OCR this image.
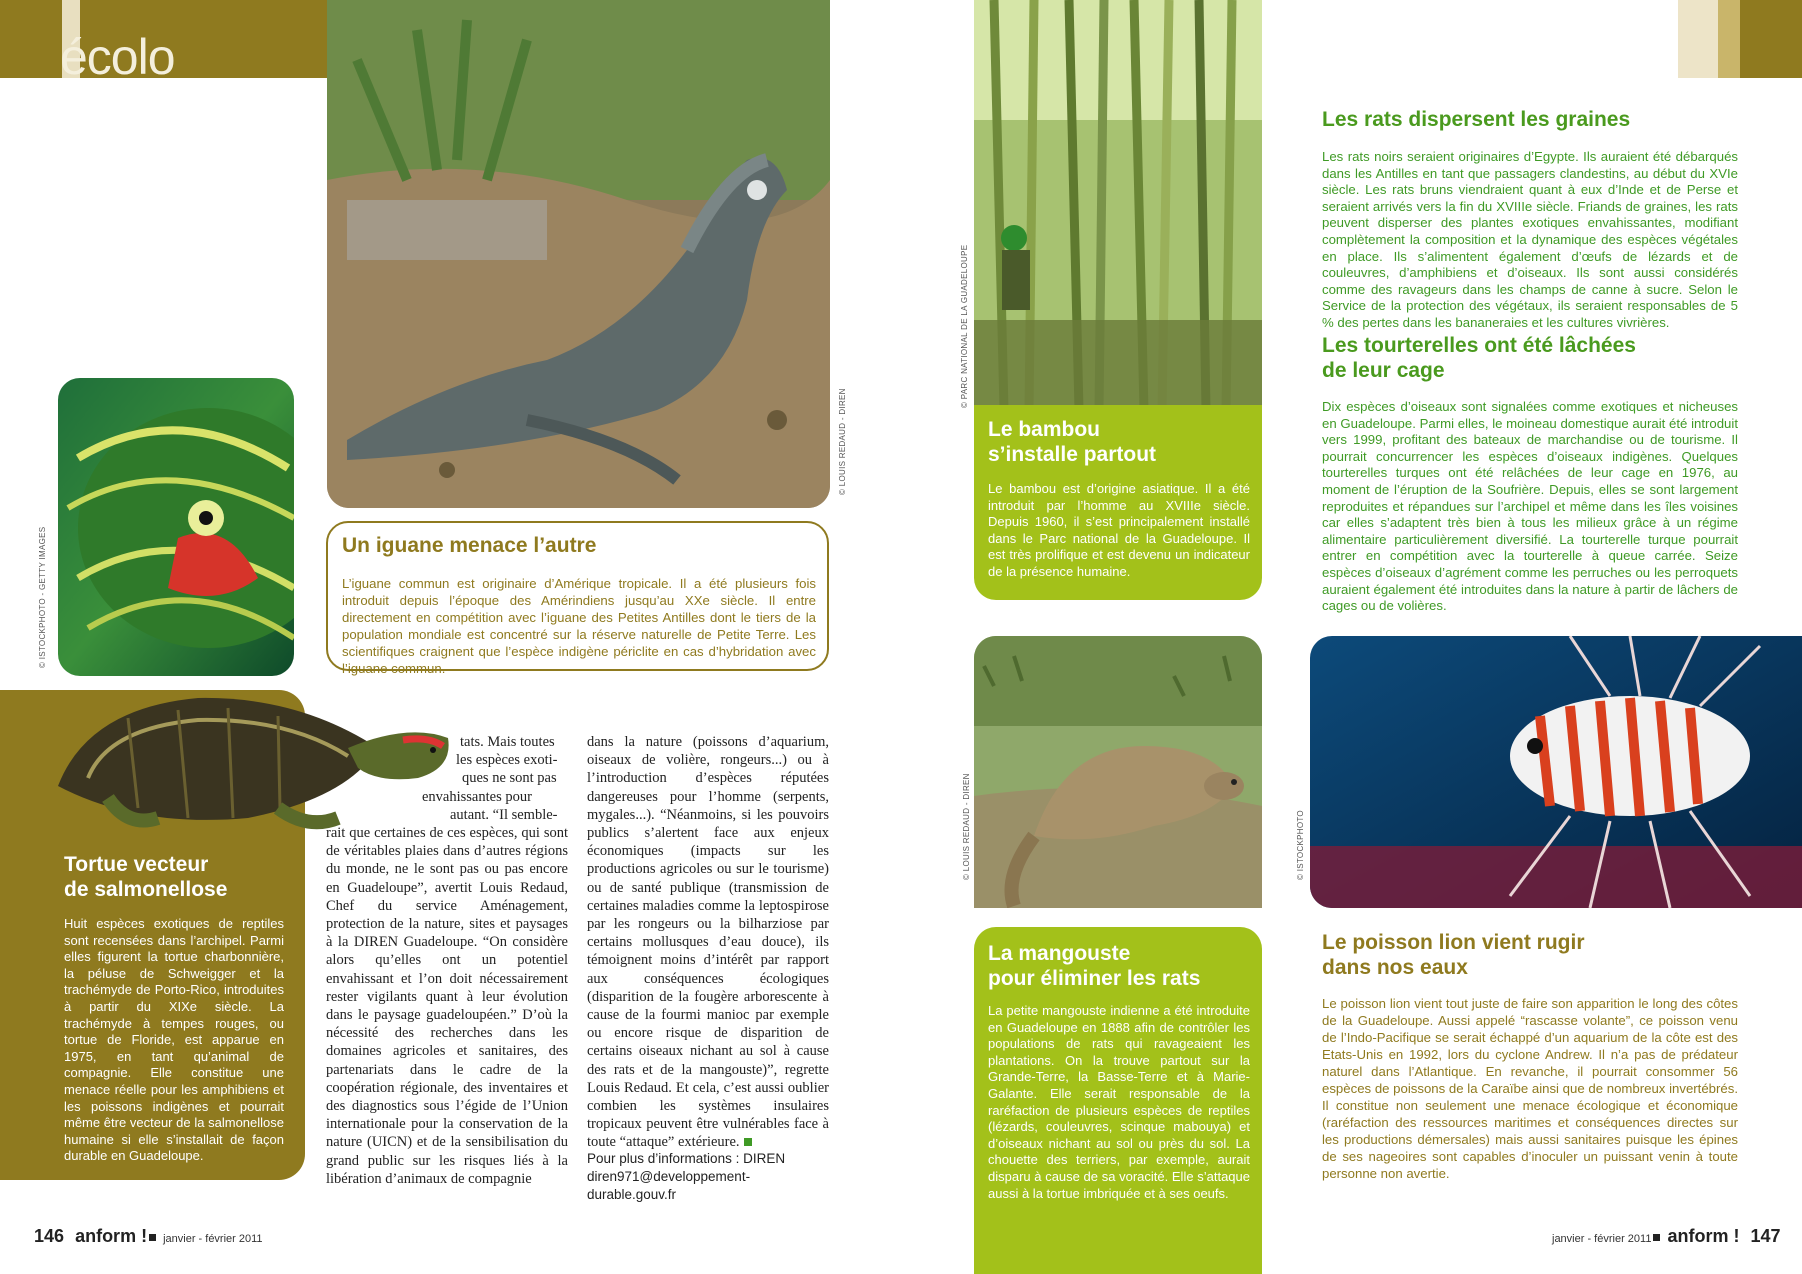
écolo
© ISTOCKPHOTO - GETTY IMAGES
© LOUIS REDAUD - DIREN
Un iguane menace l’autre
L’iguane commun est originaire d’Amérique tropicale. Il a été plusieurs fois introduit depuis l’époque des Amérindiens jusqu’au XXe siècle. Il entre directement en compétition avec l’iguane des Petites Antilles dont le tiers de la population mondiale est concentré sur la réserve naturelle de Petite Terre. Les scientifiques craignent que l’espèce indigène périclite en cas d’hybridation avec l’iguane commun.
Tortue vecteur
de salmonellose
Huit espèces exotiques de reptiles sont recensées dans l’archipel. Parmi elles figurent la tortue charbonnière, la péluse de Schweigger et la trachémyde de Porto-Rico, introduites à partir du XIXe siècle. La trachémyde à tempes rouges, ou tortue de Floride, est apparue en 1975, en tant qu’animal de compagnie. Elle constitue une menace réelle pour les amphibiens et les poissons indigènes et pourrait même être vecteur de la salmonellose humaine si elle s’installait de façon durable en Guadeloupe.
tats. Mais toutes
les espèces exoti-
ques ne sont pas
envahissantes pour
autant. “Il semble-
rait que certaines de ces espèces, qui sont de véritables plaies dans d’autres régions du monde, ne le sont pas ou pas encore en Guadeloupe”, avertit Louis Redaud, Chef du service Aménagement, protection de la nature, sites et paysages à la DIREN Guadeloupe. “On considère alors qu’elles ont un potentiel envahissant et l’on doit nécessairement rester vigilants quant à leur évolution dans le paysage guadeloupéen.” D’où la nécessité des recherches dans les domaines agricoles et sanitaires, des partenariats dans le cadre de la coopération régionale, des inventaires et des diagnostics sous l’égide de l’Union internationale pour la conservation de la nature (UICN) et de la sensibilisation du grand public sur les risques liés à la libération d’animaux de compagnie
dans la nature (poissons d’aquarium, oiseaux de volière, rongeurs...) ou à l’introduction d’espèces réputées dangereuses pour l’homme (serpents, mygales...). “Néanmoins, si les pouvoirs publics s’alertent face aux enjeux économiques (impacts sur les productions agricoles ou sur le tourisme) ou de santé publique (transmission de certaines maladies comme la leptospirose par les rongeurs ou la bilharziose par certains mollusques d’eau douce), ils témoignent moins d’intérêt par rapport aux conséquences écologiques (disparition de la fougère arborescente à cause de la fourmi manioc par exemple ou encore risque de disparition de certains oiseaux nichant au sol à cause des rats et de la mangouste)”, regrette Louis Redaud. Et cela, c’est aussi oublier combien les systèmes insulaires tropicaux peuvent être vulnérables face à toute “attaque” extérieure.
Pour plus d’informations : DIREN
diren971@developpement-durable.gouv.fr
© PARC NATIONAL DE LA GUADELOUPE
Le bambou
s’installe partout
Le bambou est d’origine asiatique. Il a été introduit par l’homme au XVIIIe siècle. Depuis 1960, il s’est principalement installé dans le Parc national de la Guadeloupe. Il est très prolifique et est devenu un indicateur de la présence humaine.
Les rats dispersent les graines
Les rats noirs seraient originaires d’Egypte. Ils auraient été débarqués dans les Antilles en tant que passagers clandestins, au début du XVIe siècle. Les rats bruns viendraient quant à eux d’Inde et de Perse et seraient arrivés vers la fin du XVIIIe siècle. Friands de graines, les rats peuvent disperser des plantes exotiques envahissantes, modifiant complètement la composition et la dynamique des espèces végétales en place. Ils s’alimentent également d’œufs de lézards et de couleuvres, d’amphibiens et d’oiseaux. Ils sont aussi considérés comme des ravageurs dans les champs de canne à sucre. Selon le Service de la protection des végétaux, ils seraient responsables de 5 % des pertes dans les bananeraies et les cultures vivrières.
Les tourterelles ont été lâchées
de leur cage
Dix espèces d’oiseaux sont signalées comme exotiques et nicheuses en Guadeloupe. Parmi elles, le moineau domestique aurait été introduit vers 1999, profitant des bateaux de marchandise ou de tourisme. Il pourrait concurrencer les espèces d’oiseaux indigènes. Quelques tourterelles turques ont été relâchées de leur cage en 1976, au moment de l’éruption de la Soufrière. Depuis, elles se sont largement reproduites et répandues sur l’archipel et même dans les îles voisines car elles s’adaptent très bien à tous les milieux grâce à un régime alimentaire particulièrement diversifié. La tourterelle turque pourrait entrer en compétition avec la tourterelle à queue carrée. Seize espèces d’oiseaux d’agrément comme les perruches ou les perroquets auraient également été introduites dans la nature à partir de lâchers de cages ou de volières.
© LOUIS REDAUD - DIREN
La mangouste
pour éliminer les rats
La petite mangouste indienne a été introduite en Guadeloupe en 1888 afin de contrôler les populations de rats qui ravageaient les plantations. On la trouve partout sur la Grande-Terre, la Basse-Terre et à Marie-Galante. Elle serait responsable de la raréfaction de plusieurs espèces de reptiles (lézards, couleuvres, scinque mabouya) et d’oiseaux nichant au sol ou près du sol. La chouette des terriers, par exemple, aurait disparu à cause de sa voracité. Elle s’attaque aussi à la tortue imbriquée et à ses oeufs.
© ISTOCKPHOTO
Le poisson lion vient rugir
dans nos eaux
Le poisson lion vient tout juste de faire son apparition le long des côtes de la Guadeloupe. Aussi appelé “rascasse volante”, ce poisson venu de l’Indo-Pacifique se serait échappé d’un aquarium de la côte est des Etats-Unis en 1992, lors du cyclone Andrew. Il n’a pas de prédateur naturel dans l’Atlantique. En revanche, il pourrait consommer 56 espèces de poissons de la Caraïbe ainsi que de nombreux invertébrés. Il constitue non seulement une menace écologique et économique (raréfaction des ressources maritimes et conséquences directes sur les productions démersales) mais aussi sanitaires puisque les épines de ses nageoires sont capables d’inoculer un puissant venin à toute personne non avertie.
146 anform ! janvier - février 2011	janvier - février 2011 anform ! 147
